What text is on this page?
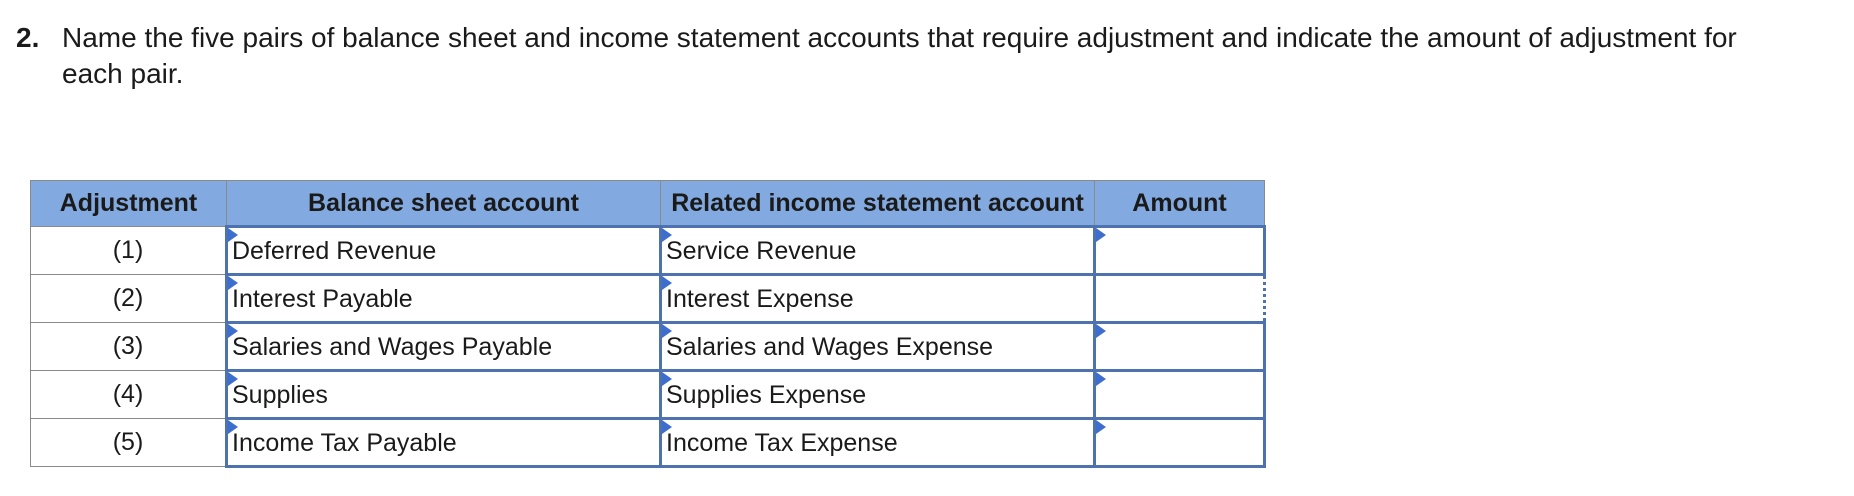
2. Name the five pairs of balance sheet and income statement accounts that require adjustment and indicate the amount of adjustment for each pair.
Adjustment	Balance sheet account	Related income statement account	Amount
(1)	Deferred Revenue	Service Revenue	

(2)	Interest Payable	Interest Expense	
(3)	Salaries and Wages Payable	Salaries and Wages Expense	

(4)	Supplies	Supplies Expense	

(5)	Income Tax Payable	Income Tax Expense	
